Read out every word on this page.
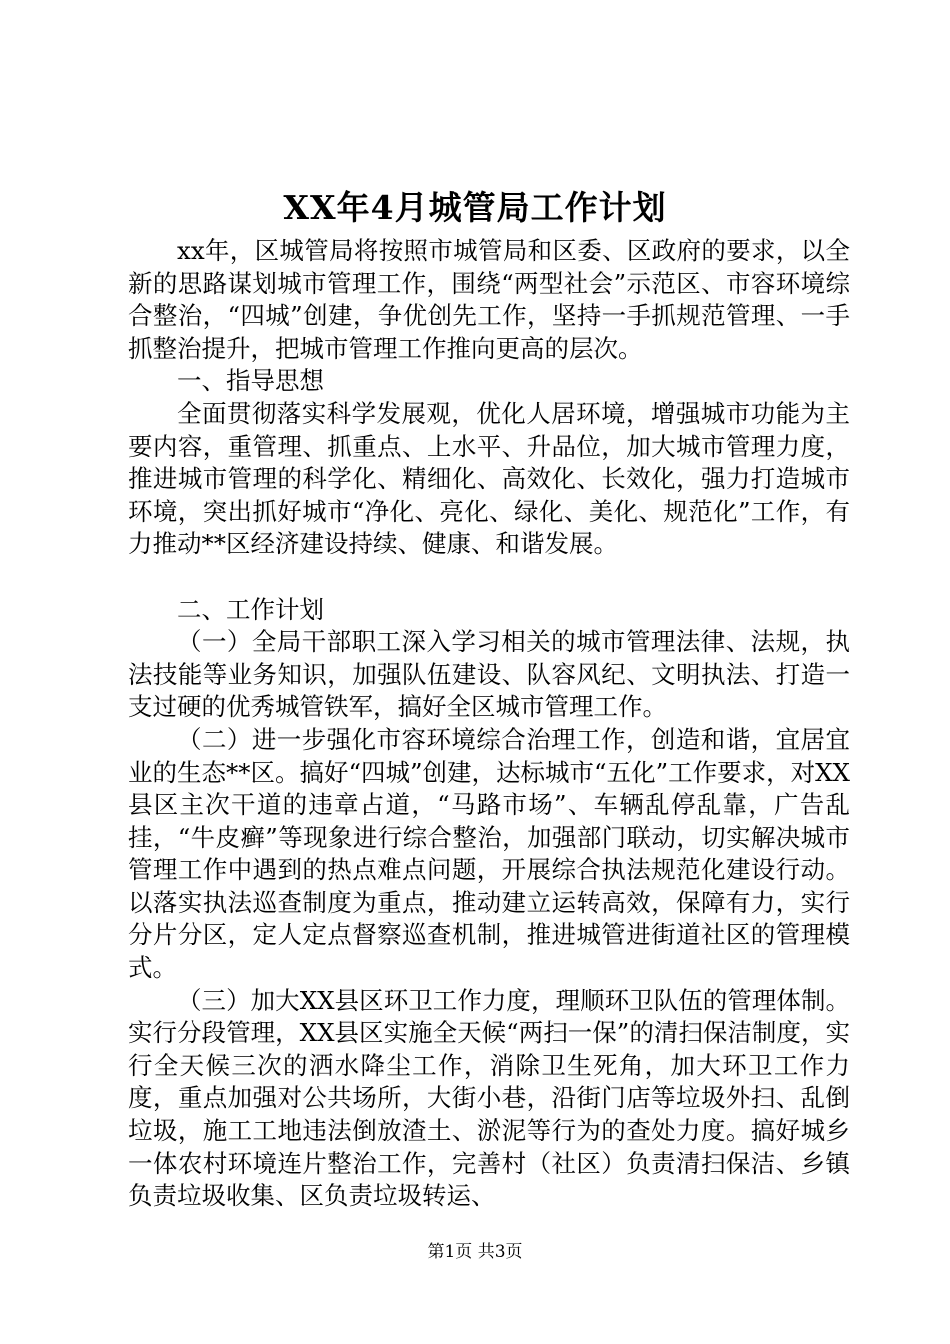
XX年4月城管局工作计划

xx年，区城管局将按照市城管局和区委、区政府的要求，以全新的思路谋划城市管理工作，围绕“两型社会”示范区、市容环境综合整治，“四城”创建，争优创先工作，坚持一手抓规范管理、一手抓整治提升，把城市管理工作推向更高的层次。

一、指导思想

全面贯彻落实科学发展观，优化人居环境，增强城市功能为主要内容，重管理、抓重点、上水平、升品位，加大城市管理力度，推进城市管理的科学化、精细化、高效化、长效化，强力打造城市环境，突出抓好城市“净化、亮化、绿化、美化、规范化”工作，有力推动**区经济建设持续、健康、和谐发展。

二、工作计划

（一）全局干部职工深入学习相关的城市管理法律、法规，执法技能等业务知识，加强队伍建设、队容风纪、文明执法、打造一支过硬的优秀城管铁军，搞好全区城市管理工作。

（二）进一步强化市容环境综合治理工作，创造和谐，宜居宜业的生态**区。搞好“四城”创建，达标城市“五化”工作要求，对XX县区主次干道的违章占道，“马路市场”、车辆乱停乱靠，广告乱挂，“牛皮癣”等现象进行综合整治，加强部门联动，切实解决城市管理工作中遇到的热点难点问题，开展综合执法规范化建设行动。以落实执法巡查制度为重点，推动建立运转高效，保障有力，实行分片分区，定人定点督察巡查机制，推进城管进街道社区的管理模式。

（三）加大XX县区环卫工作力度，理顺环卫队伍的管理体制。实行分段管理，XX县区实施全天候“两扫一保”的清扫保洁制度，实行全天候三次的洒水降尘工作，消除卫生死角，加大环卫工作力度，重点加强对公共场所，大街小巷，沿街门店等垃圾外扫、乱倒垃圾，施工工地违法倒放渣土、淤泥等行为的查处力度。搞好城乡一体农村环境连片整治工作，完善村（社区）负责清扫保洁、乡镇负责垃圾收集、区负责垃圾转运、

第1页 共3页
